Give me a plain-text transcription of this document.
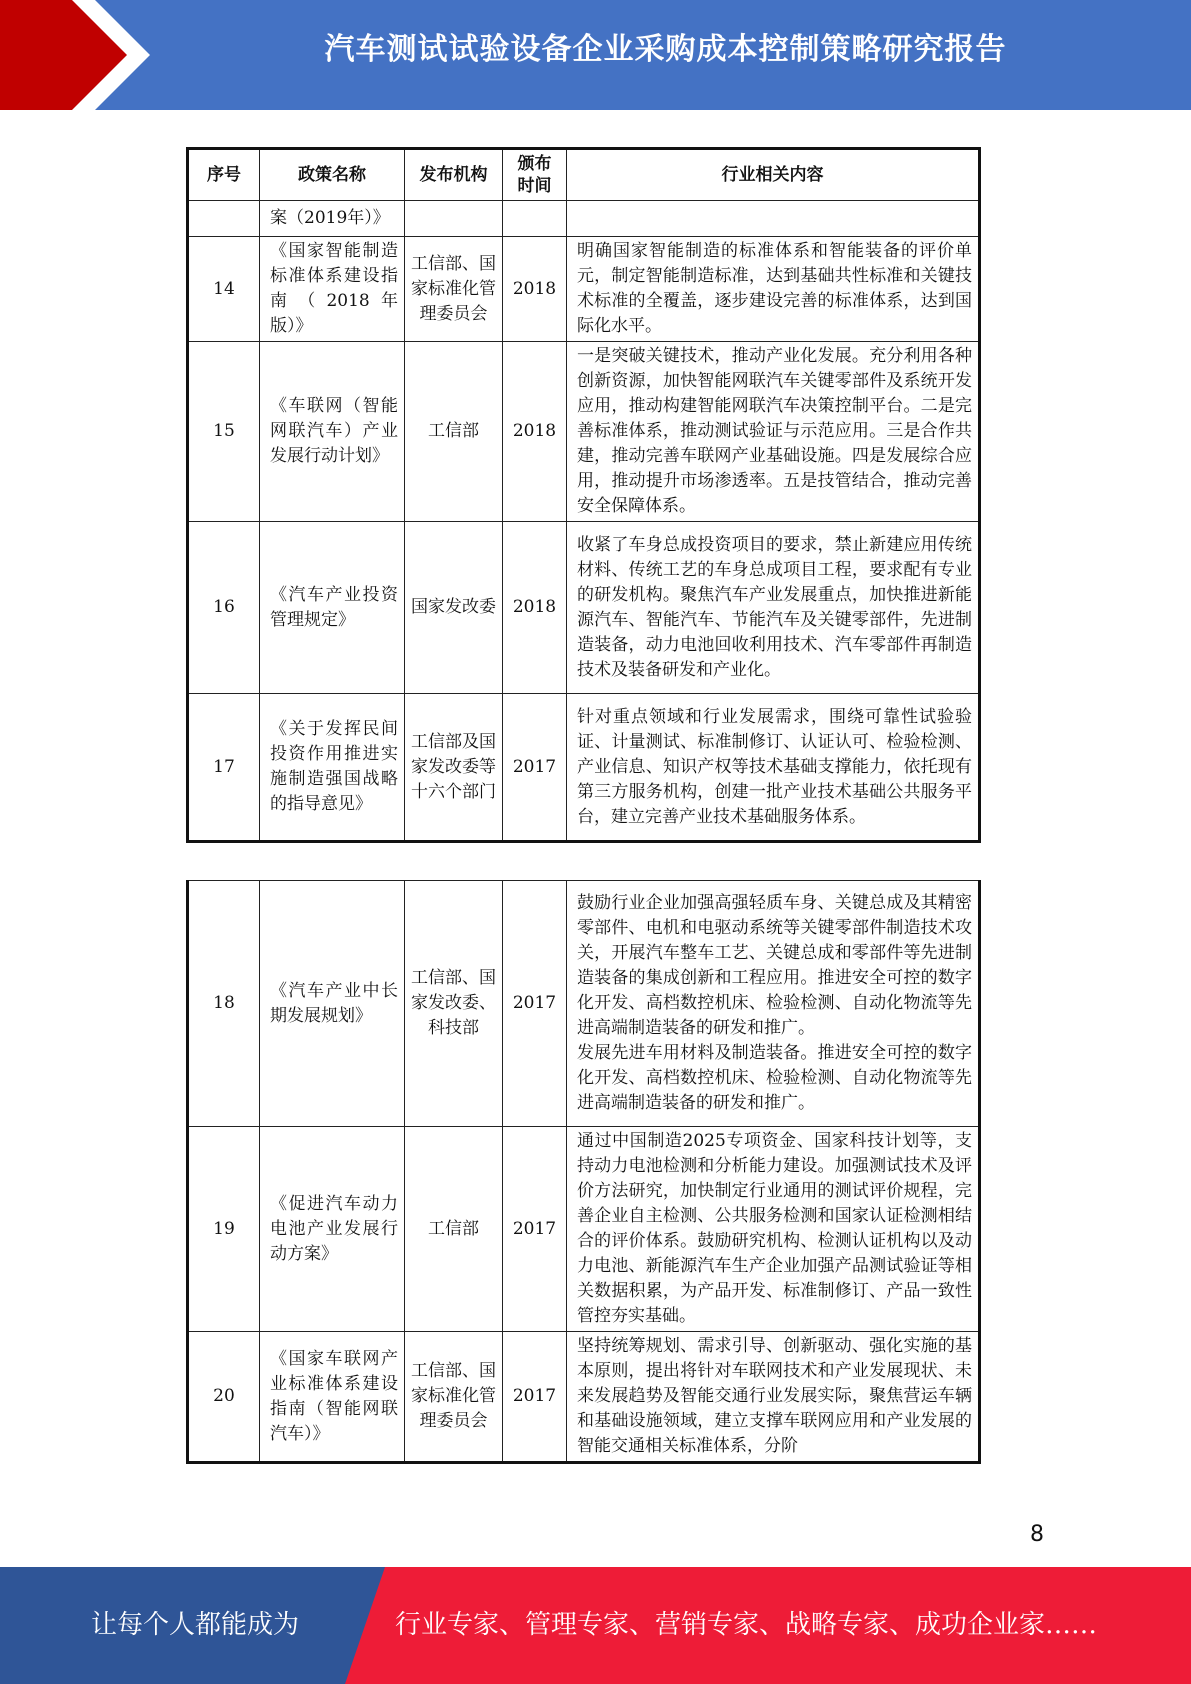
汽车测试试验设备企业采购成本控制策略研究报告
序号	政策名称	发布机构	颁布时间	行业相关内容
	案（2019年）》			
14	《国家智能制造标准体系建设指南（2018年版）》	工信部、国家标准化管理委员会	2018	明确国家智能制造的标准体系和智能装备的评价单元，制定智能制造标准，达到基础共性标准和关键技术标准的全覆盖，逐步建设完善的标准体系，达到国际化水平。
15	《车联网（智能网联汽车）产业发展行动计划》	工信部	2018	一是突破关键技术，推动产业化发展。充分利用各种创新资源，加快智能网联汽车关键零部件及系统开发应用，推动构建智能网联汽车决策控制平台。二是完善标准体系，推动测试验证与示范应用。三是合作共建，推动完善车联网产业基础设施。四是发展综合应用，推动提升市场渗透率。五是技管结合，推动完善安全保障体系。
16	《汽车产业投资管理规定》	国家发改委	2018	收紧了车身总成投资项目的要求，禁止新建应用传统材料、传统工艺的车身总成项目工程，要求配有专业的研发机构。聚焦汽车产业发展重点，加快推进新能源汽车、智能汽车、节能汽车及关键零部件，先进制造装备，动力电池回收利用技术、汽车零部件再制造技术及装备研发和产业化。
17	《关于发挥民间投资作用推进实施制造强国战略的指导意见》	工信部及国家发改委等十六个部门	2017	针对重点领域和行业发展需求，围绕可靠性试验验证、计量测试、标准制修订、认证认可、检验检测、产业信息、知识产权等技术基础支撑能力，依托现有第三方服务机构，创建一批产业技术基础公共服务平台，建立完善产业技术基础服务体系。
18	《汽车产业中长期发展规划》	工信部、国家发改委、科技部	2017	鼓励行业企业加强高强轻质车身、关键总成及其精密零部件、电机和电驱动系统等关键零部件制造技术攻关，开展汽车整车工艺、关键总成和零部件等先进制造装备的集成创新和工程应用。推进安全可控的数字化开发、高档数控机床、检验检测、自动化物流等先进高端制造装备的研发和推广。
发展先进车用材料及制造装备。推进安全可控的数字化开发、高档数控机床、检验检测、自动化物流等先进高端制造装备的研发和推广。

19	《促进汽车动力电池产业发展行动方案》	工信部	2017	通过中国制造2025专项资金、国家科技计划等，支持动力电池检测和分析能力建设。加强测试技术及评价方法研究，加快制定行业通用的测试评价规程，完善企业自主检测、公共服务检测和国家认证检测相结合的评价体系。鼓励研究机构、检测认证机构以及动力电池、新能源汽车生产企业加强产品测试验证等相关数据积累，为产品开发、标准制修订、产品一致性管控夯实基础。
20	《国家车联网产业标准体系建设指南（智能网联汽车）》	工信部、国家标准化管理委员会	2017	坚持统筹规划、需求引导、创新驱动、强化实施的基本原则，提出将针对车联网技术和产业发展现状、未来发展趋势及智能交通行业发展实际，聚焦营运车辆和基础设施领域，建立支撑车联网应用和产业发展的智能交通相关标准体系，分阶
8
让每个人都能成为	行业专家、管理专家、营销专家、战略专家、成功企业家……
